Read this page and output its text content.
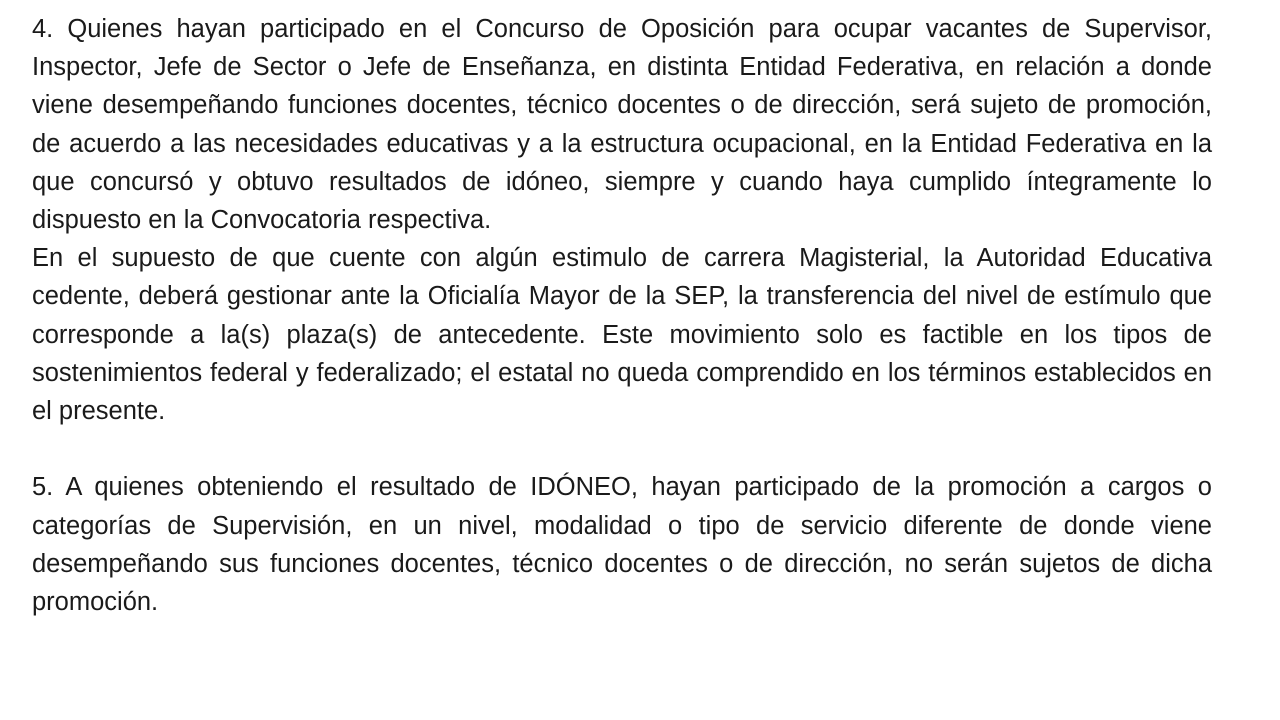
4. Quienes hayan participado en el Concurso de Oposición para ocupar vacantes de Supervisor, Inspector, Jefe de Sector o Jefe de Enseñanza, en distinta Entidad Federativa, en relación a donde viene desempeñando funciones docentes, técnico docentes o de dirección, será sujeto de promoción, de acuerdo a las necesidades educativas y a la estructura ocupacional, en la Entidad Federativa en la que concursó y obtuvo resultados de idóneo, siempre y cuando haya cumplido íntegramente lo dispuesto en la Convocatoria respectiva.

En el supuesto de que cuente con algún estimulo de carrera Magisterial, la Autoridad Educativa cedente, deberá gestionar ante la Oficialía Mayor de la SEP, la transferencia del nivel de estímulo que corresponde a la(s) plaza(s) de antecedente. Este movimiento solo es factible en los tipos de sostenimientos federal y federalizado; el estatal no queda comprendido en los términos establecidos en el presente.

5. A quienes obteniendo el resultado de IDÓNEO, hayan participado de la promoción a cargos o categorías de Supervisión, en un nivel, modalidad o tipo de servicio diferente de donde viene desempeñando sus funciones docentes, técnico docentes o de dirección, no serán sujetos de dicha promoción.
